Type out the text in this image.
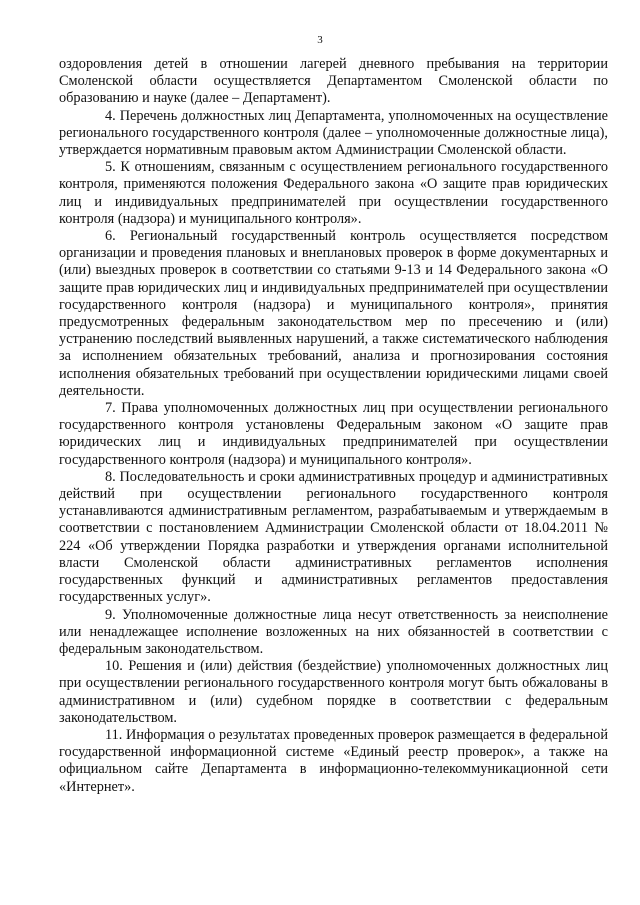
3

оздоровления детей в отношении лагерей дневного пребывания на территории Смоленской области осуществляется Департаментом Смоленской области по образованию и науке (далее – Департамент).

4. Перечень должностных лиц Департамента, уполномоченных на осуществление регионального государственного контроля (далее – уполномоченные должностные лица), утверждается нормативным правовым актом Администрации Смоленской области.

5. К отношениям, связанным с осуществлением регионального государственного контроля, применяются положения Федерального закона «О защите прав юридических лиц и индивидуальных предпринимателей при осуществлении государственного контроля (надзора) и муниципального контроля».

6. Региональный государственный контроль осуществляется посредством организации и проведения плановых и внеплановых проверок в форме документарных и (или) выездных проверок в соответствии со статьями 9-13 и 14 Федерального закона «О защите прав юридических лиц и индивидуальных предпринимателей при осуществлении государственного контроля (надзора) и муниципального контроля», принятия предусмотренных федеральным законодательством мер по пресечению и (или) устранению последствий выявленных нарушений, а также систематического наблюдения за исполнением обязательных требований, анализа и прогнозирования состояния исполнения обязательных требований при осуществлении юридическими лицами своей деятельности.

7. Права уполномоченных должностных лиц при осуществлении регионального государственного контроля установлены Федеральным законом «О защите прав юридических лиц и индивидуальных предпринимателей при осуществлении государственного контроля (надзора) и муниципального контроля».

8. Последовательность и сроки административных процедур и административных действий при осуществлении регионального государственного контроля устанавливаются административным регламентом, разрабатываемым и утверждаемым в соответствии с постановлением Администрации Смоленской области от 18.04.2011 № 224 «Об утверждении Порядка разработки и утверждения органами исполнительной власти Смоленской области административных регламентов исполнения государственных функций и административных регламентов предоставления государственных услуг».

9. Уполномоченные должностные лица несут ответственность за неисполнение или ненадлежащее исполнение возложенных на них обязанностей в соответствии с федеральным законодательством.

10. Решения и (или) действия (бездействие) уполномоченных должностных лиц при осуществлении регионального государственного контроля могут быть обжалованы в административном и (или) судебном порядке в соответствии с федеральным законодательством.

11. Информация о результатах проведенных проверок размещается в федеральной государственной информационной системе «Единый реестр проверок», а также на официальном сайте Департамента в информационно-телекоммуникационной сети «Интернет».
